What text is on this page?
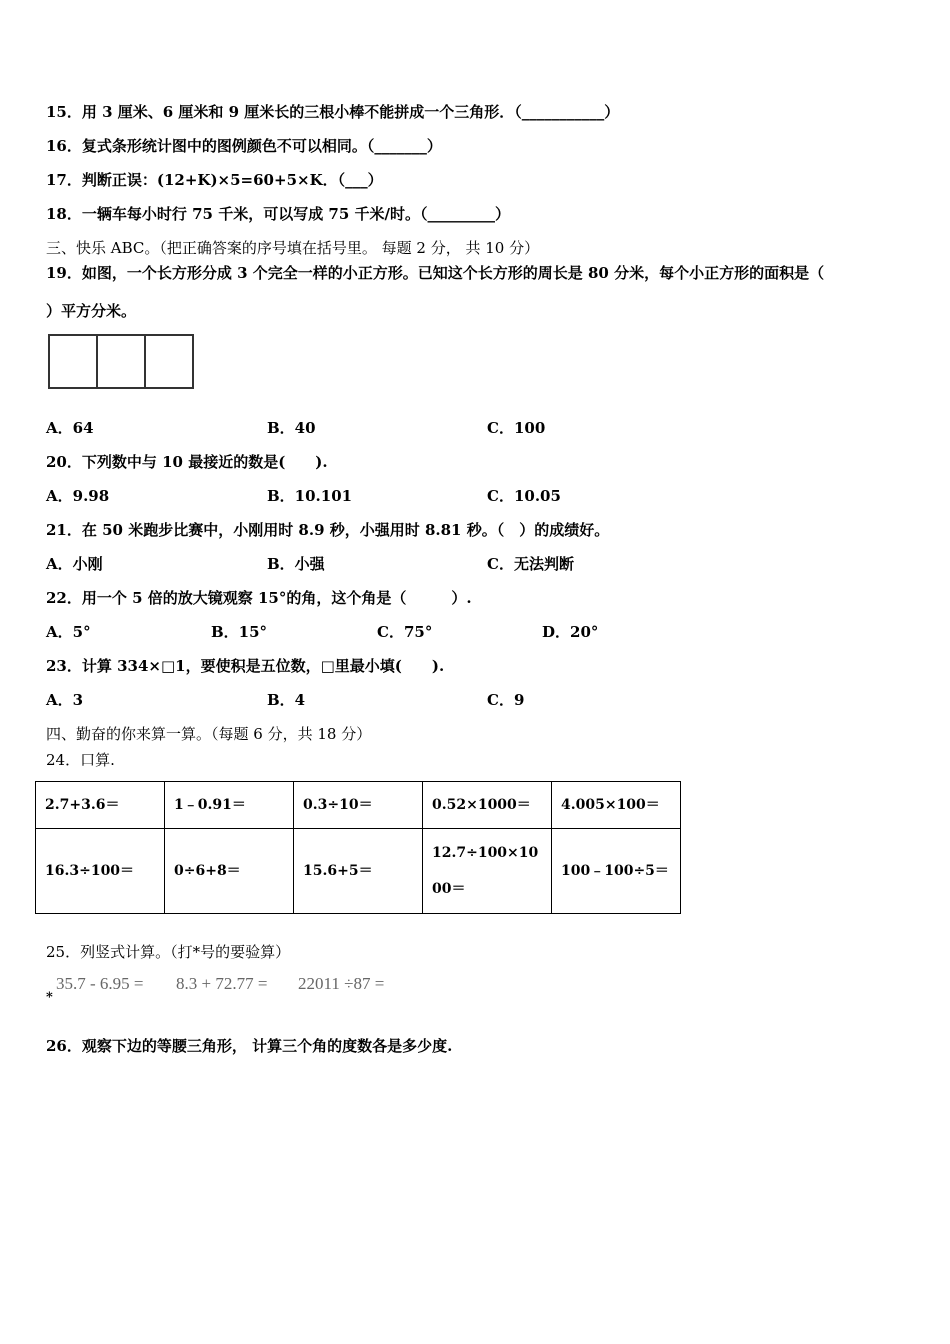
15．用 3 厘米、6 厘米和 9 厘米长的三根小棒不能拼成一个三角形．（___________）
16．复式条形统计图中的图例颜色不可以相同。（_______）
17．判断正误：(12+K)×5=60+5×K．（___）
18．一辆车每小时行 75 千米，可以写成 75 千米/时。（_________）
三、快乐 ABC。（把正确答案的序号填在括号里。 每题 2 分， 共 10 分）
19．如图，一个长方形分成 3 个完全一样的小正方形。已知这个长方形的周长是 80 分米，每个小正方形的面积是（
）平方分米。
A．64	B．40	C．100
20．下列数中与 10 最接近的数是(　　).
A．9.98	B．10.101	C．10.05
21．在 50 米跑步比赛中，小刚用时 8.9 秒，小强用时 8.81 秒。（　）的成绩好。
A．小刚	B．小强	C．无法判断
22．用一个 5 倍的放大镜观察 15°的角，这个角是（　　　）.
A．5°	B．15°	C．75°	D．20°
23．计算 334×□1，要使积是五位数，□里最小填(　　).
A．3	B．4	C．9
四、勤奋的你来算一算。（每题 6 分，共 18 分）
24．口算.
2.7+3.6＝	1﹣0.91＝	0.3÷10＝	0.52×1000＝	4.005×100＝
16.3÷100＝	0÷6+8＝	15.6+5＝	12.7÷100×1000＝	100﹣100÷5＝
25．列竖式计算。（打*号的要验算）
*
35.7 - 6.95 = 8.3 + 72.77 = 22011 ÷87 =
26．观察下边的等腰三角形， 计算三个角的度数各是多少度.
